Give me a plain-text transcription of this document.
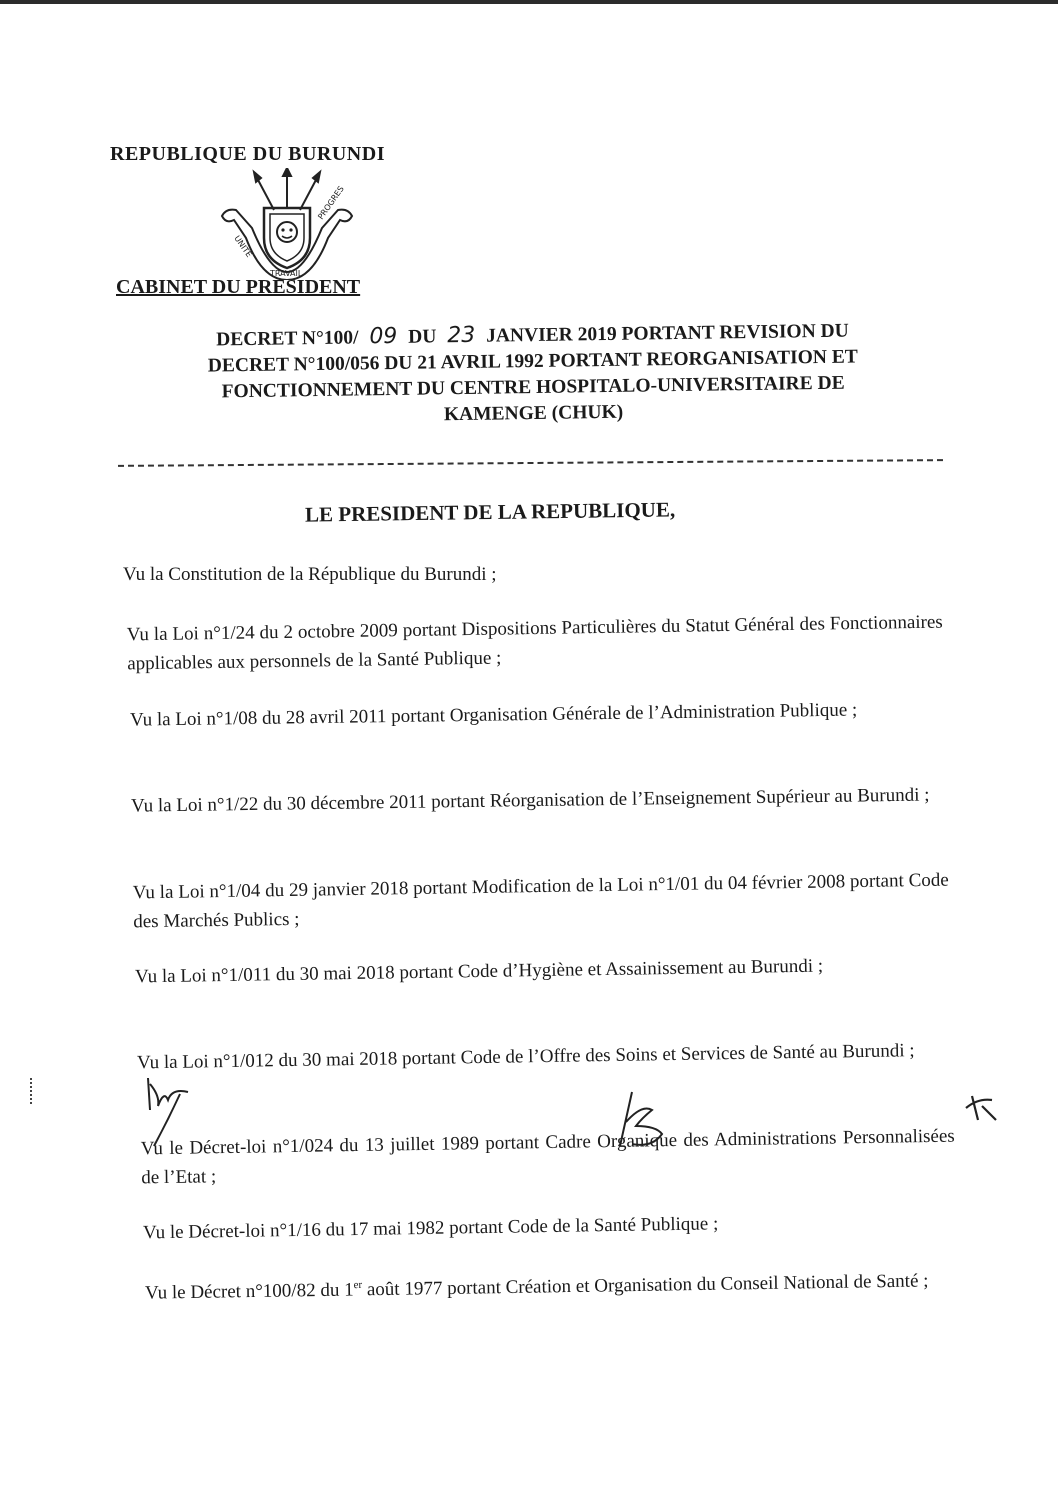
REPUBLIQUE DU BURUNDI

UNITE
TRAVAIL
PROGRES

CABINET DU PRESIDENT

DECRET N°100/ 09 DU 23 JANVIER 2019 PORTANT REVISION DU
DECRET N°100/056 DU 21 AVRIL 1992 PORTANT REORGANISATION ET
FONCTIONNEMENT DU CENTRE HOSPITALO-UNIVERSITAIRE DE
KAMENGE (CHUK)

LE PRESIDENT DE LA REPUBLIQUE,

Vu la Constitution de la République du Burundi ;

Vu la Loi n°1/24 du 2 octobre 2009 portant Dispositions Particulières du Statut Général des Fonctionnaires applicables aux personnels de la Santé Publique ;

Vu la Loi n°1/08 du 28 avril 2011 portant Organisation Générale de l’Administration Publique ;

Vu la Loi n°1/22 du 30 décembre 2011 portant Réorganisation de l’Enseignement Supérieur au Burundi ;

Vu la Loi n°1/04 du 29 janvier 2018 portant Modification de la Loi n°1/01 du 04 février 2008 portant Code des Marchés Publics ;

Vu la Loi n°1/011 du 30 mai 2018 portant Code d’Hygiène et Assainissement au Burundi ;

Vu la Loi n°1/012 du 30 mai 2018 portant Code de l’Offre des Soins et Services de Santé au Burundi ;

Vu le Décret-loi n°1/024 du 13 juillet 1989 portant Cadre Organique des Administrations Personnalisées de l’Etat ;

Vu le Décret-loi n°1/16 du 17 mai 1982 portant Code de la Santé Publique ;

Vu le Décret n°100/82 du 1er août 1977 portant Création et Organisation du Conseil National de Santé ;
